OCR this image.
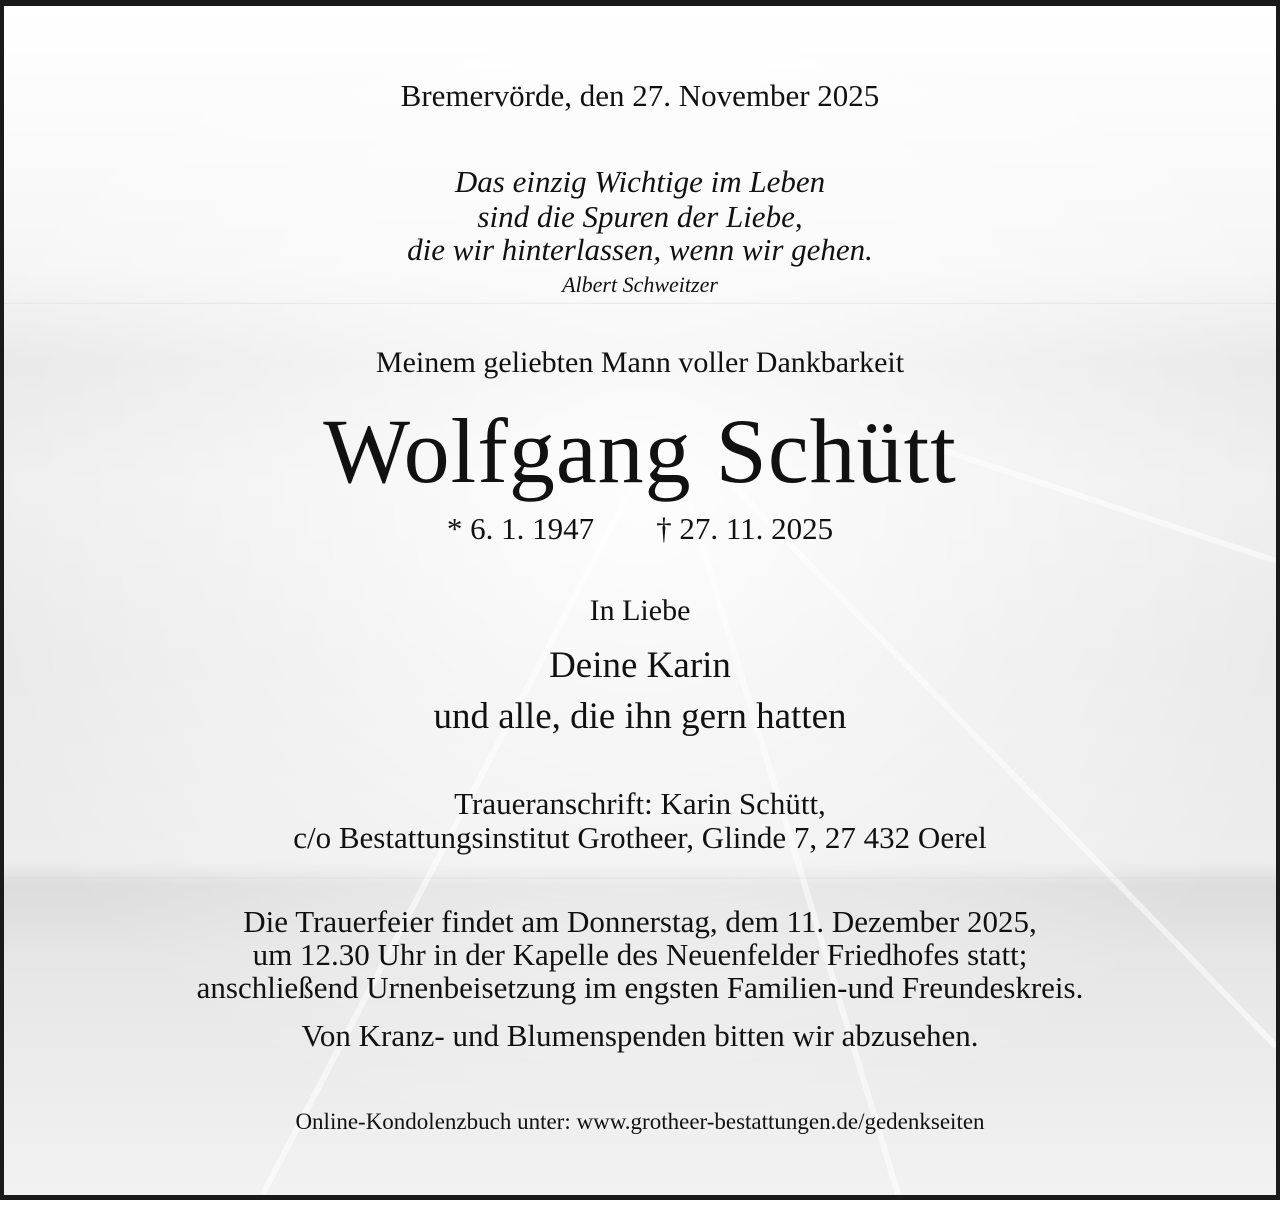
Bremervörde, den 27. November 2025
Das einzig Wichtige im Leben
sind die Spuren der Liebe,
die wir hinterlassen, wenn wir gehen.
Albert Schweitzer
Meinem geliebten Mann voller Dankbarkeit
Wolfgang Schütt
* 6. 1. 1947 † 27. 11. 2025
In Liebe
Deine Karin
und alle, die ihn gern hatten
Traueranschrift: Karin Schütt,
c/o Bestattungsinstitut Grotheer, Glinde 7, 27 432 Oerel
Die Trauerfeier findet am Donnerstag, dem 11. Dezember 2025,
um 12.30 Uhr in der Kapelle des Neuenfelder Friedhofes statt;
anschließend Urnenbeisetzung im engsten Familien-und Freundeskreis.
Von Kranz- und Blumenspenden bitten wir abzusehen.
Online-Kondolenzbuch unter: www.grotheer-bestattungen.de/gedenkseiten
